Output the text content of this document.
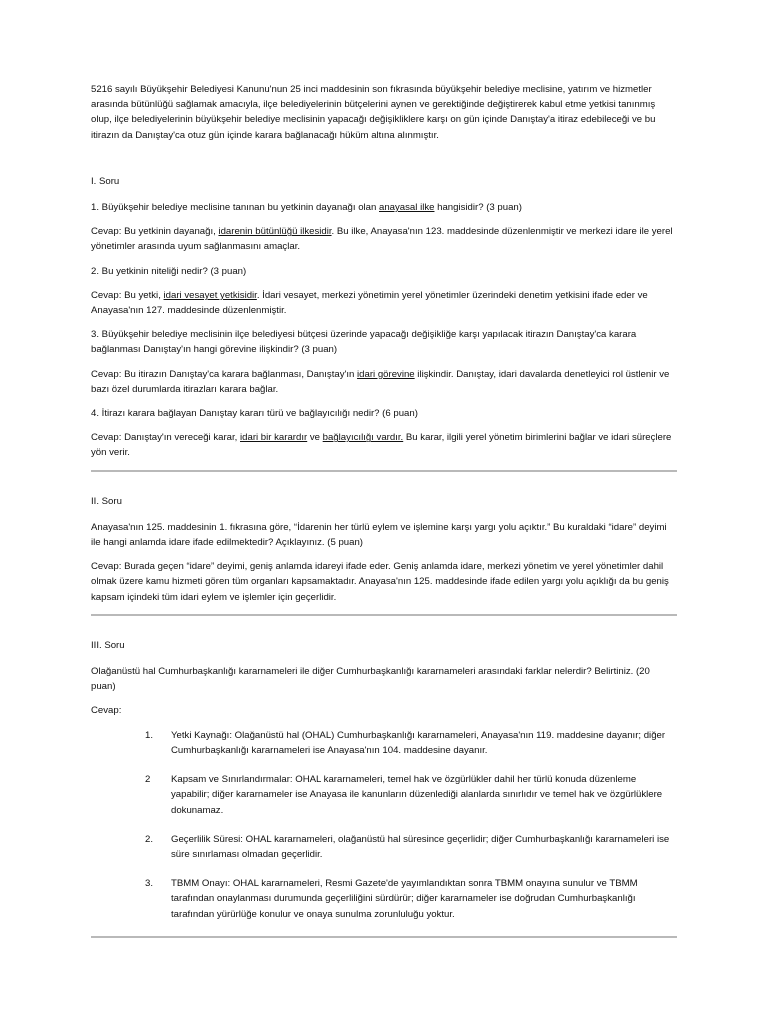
5216 sayılı Büyükşehir Belediyesi Kanunu'nun 25 inci maddesinin son fıkrasında büyükşehir belediye meclisine, yatırım ve hizmetler arasında bütünlüğü sağlamak amacıyla, ilçe belediyelerinin bütçelerini aynen ve gerektiğinde değiştirerek kabul etme yetkisi tanınmış olup, ilçe belediyelerinin büyükşehir belediye meclisinin yapacağı değişikliklere karşı on gün içinde Danıştay'a itiraz edebileceği ve bu itirazın da Danıştay'ca otuz gün içinde karara bağlanacağı hüküm altına alınmıştır.

I. Soru

1. Büyükşehir belediye meclisine tanınan bu yetkinin dayanağı olan anayasal ilke hangisidir? (3 puan)

Cevap: Bu yetkinin dayanağı, idarenin bütünlüğü ilkesidir. Bu ilke, Anayasa'nın 123. maddesinde düzenlenmiştir ve merkezi idare ile yerel yönetimler arasında uyum sağlanmasını amaçlar.

2. Bu yetkinin niteliği nedir? (3 puan)

Cevap: Bu yetki, idari vesayet yetkisidir. İdari vesayet, merkezi yönetimin yerel yönetimler üzerindeki denetim yetkisini ifade eder ve Anayasa'nın 127. maddesinde düzenlenmiştir.

3. Büyükşehir belediye meclisinin ilçe belediyesi bütçesi üzerinde yapacağı değişikliğe karşı yapılacak itirazın Danıştay'ca karara bağlanması Danıştay'ın hangi görevine ilişkindir? (3 puan)

Cevap: Bu itirazın Danıştay'ca karara bağlanması, Danıştay'ın idari görevine ilişkindir. Danıştay, idari davalarda denetleyici rol üstlenir ve bazı özel durumlarda itirazları karara bağlar.

4. İtirazı karara bağlayan Danıştay kararı türü ve bağlayıcılığı nedir? (6 puan)

Cevap: Danıştay'ın vereceği karar, idari bir karardır ve bağlayıcılığı vardır. Bu karar, ilgili yerel yönetim birimlerini bağlar ve idari süreçlere yön verir.

II. Soru

Anayasa'nın 125. maddesinin 1. fıkrasına göre, “İdarenin her türlü eylem ve işlemine karşı yargı yolu açıktır.” Bu kuraldaki “idare” deyimi ile hangi anlamda idare ifade edilmektedir? Açıklayınız. (5 puan)

Cevap: Burada geçen “idare” deyimi, geniş anlamda idareyi ifade eder. Geniş anlamda idare, merkezi yönetim ve yerel yönetimler dahil olmak üzere kamu hizmeti gören tüm organları kapsamaktadır. Anayasa'nın 125. maddesinde ifade edilen yargı yolu açıklığı da bu geniş kapsam içindeki tüm idari eylem ve işlemler için geçerlidir.

III. Soru

Olağanüstü hal Cumhurbaşkanlığı kararnameleri ile diğer Cumhurbaşkanlığı kararnameleri arasındaki farklar nelerdir? Belirtiniz. (20 puan)

Cevap:

1.	Yetki Kaynağı: Olağanüstü hal (OHAL) Cumhurbaşkanlığı kararnameleri, Anayasa'nın 119. maddesine dayanır; diğer Cumhurbaşkanlığı kararnameleri ise Anayasa'nın 104. maddesine dayanır.
2	Kapsam ve Sınırlandırmalar: OHAL kararnameleri, temel hak ve özgürlükler dahil her türlü konuda düzenleme yapabilir; diğer kararnameler ise Anayasa ile kanunların düzenlediği alanlarda sınırlıdır ve temel hak ve özgürlüklere dokunamaz.
2.	Geçerlilik Süresi: OHAL kararnameleri, olağanüstü hal süresince geçerlidir; diğer Cumhurbaşkanlığı kararnameleri ise süre sınırlaması olmadan geçerlidir.
3.	TBMM Onayı: OHAL kararnameleri, Resmi Gazete'de yayımlandıktan sonra TBMM onayına sunulur ve TBMM tarafından onaylanması durumunda geçerliliğini sürdürür; diğer kararnameler ise doğrudan Cumhurbaşkanlığı tarafından yürürlüğe konulur ve onaya sunulma zorunluluğu yoktur.
